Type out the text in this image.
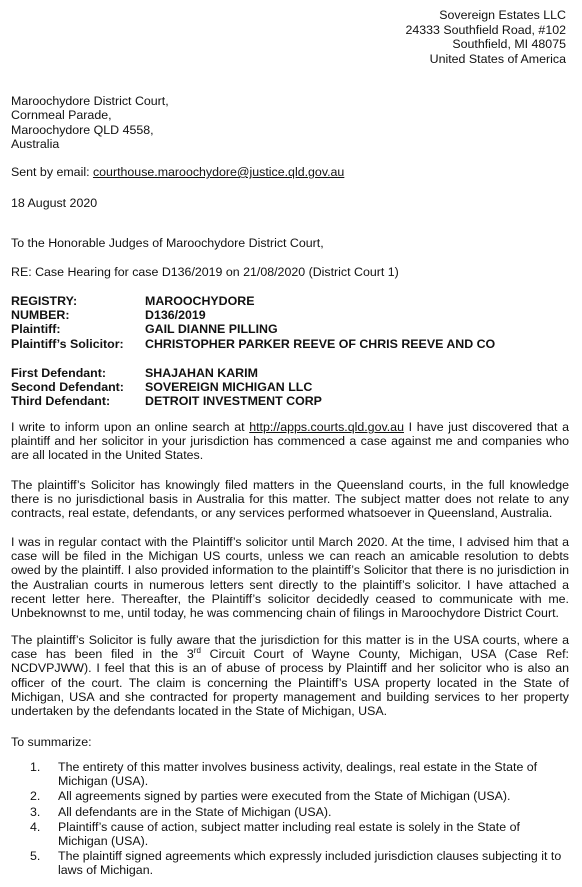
Sovereign Estates LLC
24333 Southfield Road, #102
Southfield, MI 48075
United States of America
Maroochydore District Court,
Cornmeal Parade,
Maroochydore QLD 4558,
Australia
Sent by email: courthouse.maroochydore@justice.qld.gov.au
18 August 2020
To the Honorable Judges of Maroochydore District Court,
RE: Case Hearing for case D136/2019 on 21/08/2020 (District Court 1)
REGISTRY:	MAROOCHYDORE
NUMBER:	D136/2019
Plaintiff:	GAIL DIANNE PILLING
Plaintiff’s Solicitor:	CHRISTOPHER PARKER REEVE OF CHRIS REEVE AND CO
First Defendant:	SHAJAHAN KARIM
Second Defendant:	SOVEREIGN MICHIGAN LLC
Third Defendant:	DETROIT INVESTMENT CORP
I write to inform upon an online search at http://apps.courts.qld.gov.au I have just discovered that a plaintiff and her solicitor in your jurisdiction has commenced a case against me and companies who are all located in the United States.
The plaintiff’s Solicitor has knowingly filed matters in the Queensland courts, in the full knowledge there is no jurisdictional basis in Australia for this matter. The subject matter does not relate to any contracts, real estate, defendants, or any services performed whatsoever in Queensland, Australia.
I was in regular contact with the Plaintiff’s solicitor until March 2020. At the time, I advised him that a case will be filed in the Michigan US courts, unless we can reach an amicable resolution to debts owed by the plaintiff. I also provided information to the plaintiff’s Solicitor that there is no jurisdiction in the Australian courts in numerous letters sent directly to the plaintiff’s solicitor. I have attached a recent letter here. Thereafter, the Plaintiff’s solicitor decidedly ceased to communicate with me. Unbeknownst to me, until today, he was commencing chain of filings in Maroochydore District Court.
The plaintiff’s Solicitor is fully aware that the jurisdiction for this matter is in the USA courts, where a case has been filed in the 3rd Circuit Court of Wayne County, Michigan, USA (Case Ref: NCDVPJWW). I feel that this is an of abuse of process by Plaintiff and her solicitor who is also an officer of the court. The claim is concerning the Plaintiff’s USA property located in the State of Michigan, USA and she contracted for property management and building services to her property undertaken by the defendants located in the State of Michigan, USA.
To summarize:
1.	The entirety of this matter involves business activity, dealings, real estate in the State of Michigan (USA).
2.	All agreements signed by parties were executed from the State of Michigan (USA).
3.	All defendants are in the State of Michigan (USA).
4.	Plaintiff’s cause of action, subject matter including real estate is solely in the State of Michigan (USA).
5.	The plaintiff signed agreements which expressly included jurisdiction clauses subjecting it to laws of Michigan.
